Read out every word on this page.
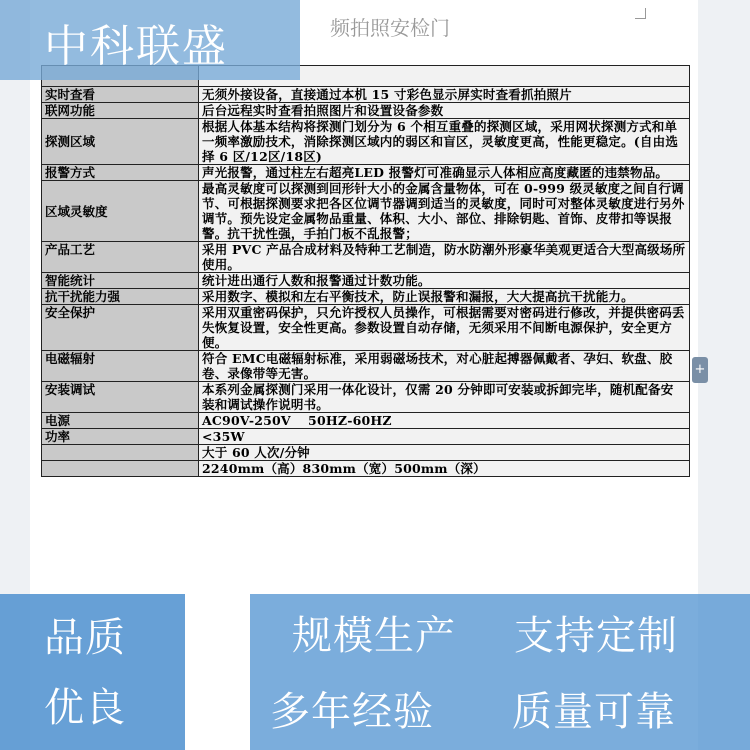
频拍照安检门

实时查看	无须外接设备，直接通过本机 15 寸彩色显示屏实时查看抓拍照片
联网功能	后台远程实时查看拍照图片和设置设备参数
探测区域	根据人体基本结构将探测门划分为 6 个相互重叠的探测区域，采用网状探测方式和单一频率激励技术，消除探测区域内的弱区和盲区，灵敏度更高，性能更稳定。(自由选择 6 区/12区/18区)
报警方式	声光报警，通过柱左右超亮LED 报警灯可准确显示人体相应高度藏匿的违禁物品。
区域灵敏度	最高灵敏度可以探测到回形针大小的金属含量物体，可在 0-999 级灵敏度之间自行调节、可根据探测要求把各区位调节器调到适当的灵敏度，同时可对整体灵敏度进行另外调节。预先设定金属物品重量、体积、大小、部位、排除钥匙、首饰、皮带扣等误报警。抗干扰性强，手拍门板不乱报警；
产品工艺	采用 PVC 产品合成材料及特种工艺制造，防水防潮外形豪华美观更适合大型高级场所使用。
智能统计	统计进出通行人数和报警通过计数功能。
抗干扰能力强	采用数字、模拟和左右平衡技术，防止误报警和漏报，大大提高抗干扰能力。
安全保护	采用双重密码保护，只允许授权人员操作，可根据需要对密码进行修改，并提供密码丢失恢复设置，安全性更高。参数设置自动存储，无须采用不间断电源保护，安全更方便。
电磁辐射	符合 EMC电磁辐射标准，采用弱磁场技术，对心脏起搏器佩戴者、孕妇、软盘、胶卷、录像带等无害。
安装调试	本系列金属探测门采用一体化设计，仅需 20 分钟即可安装或拆卸完毕，随机配备安装和调试操作说明书。
电源	AC90V-250V　 50HZ-60HZ
功率	<35W
	大于 60 人次/分钟
	2240mm（高）830mm（宽）500mm（深）
+
中科联盛
品质
优良
规模生产 支持定制
多年经验 质量可靠
